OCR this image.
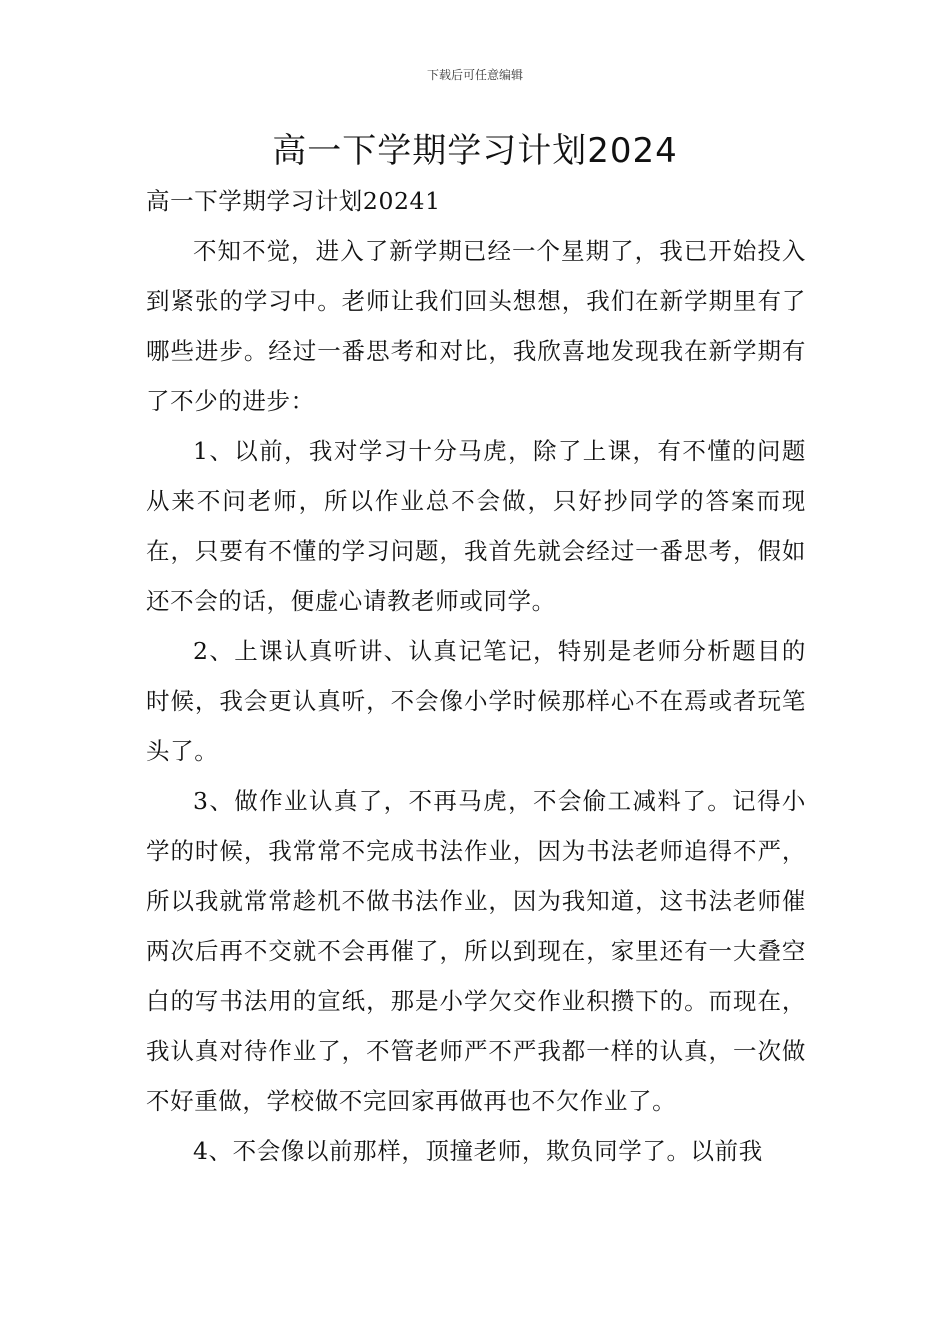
下载后可任意编辑
高一下学期学习计划2024

高一下学期学习计划20241

不知不觉，进入了新学期已经一个星期了，我已开始投入到紧张的学习中。老师让我们回头想想，我们在新学期里有了哪些进步。经过一番思考和对比，我欣喜地发现我在新学期有了不少的进步：

1、以前，我对学习十分马虎，除了上课，有不懂的问题从来不问老师，所以作业总不会做，只好抄同学的答案而现在，只要有不懂的学习问题，我首先就会经过一番思考，假如还不会的话，便虚心请教老师或同学。

2、上课认真听讲、认真记笔记，特别是老师分析题目的时候，我会更认真听，不会像小学时候那样心不在焉或者玩笔头了。

3、做作业认真了，不再马虎，不会偷工减料了。记得小学的时候，我常常不完成书法作业，因为书法老师追得不严，所以我就常常趁机不做书法作业，因为我知道，这书法老师催两次后再不交就不会再催了，所以到现在，家里还有一大叠空白的写书法用的宣纸，那是小学欠交作业积攒下的。而现在，我认真对待作业了，不管老师严不严我都一样的认真，一次做不好重做，学校做不完回家再做再也不欠作业了。

4、不会像以前那样，顶撞老师，欺负同学了。以前我
